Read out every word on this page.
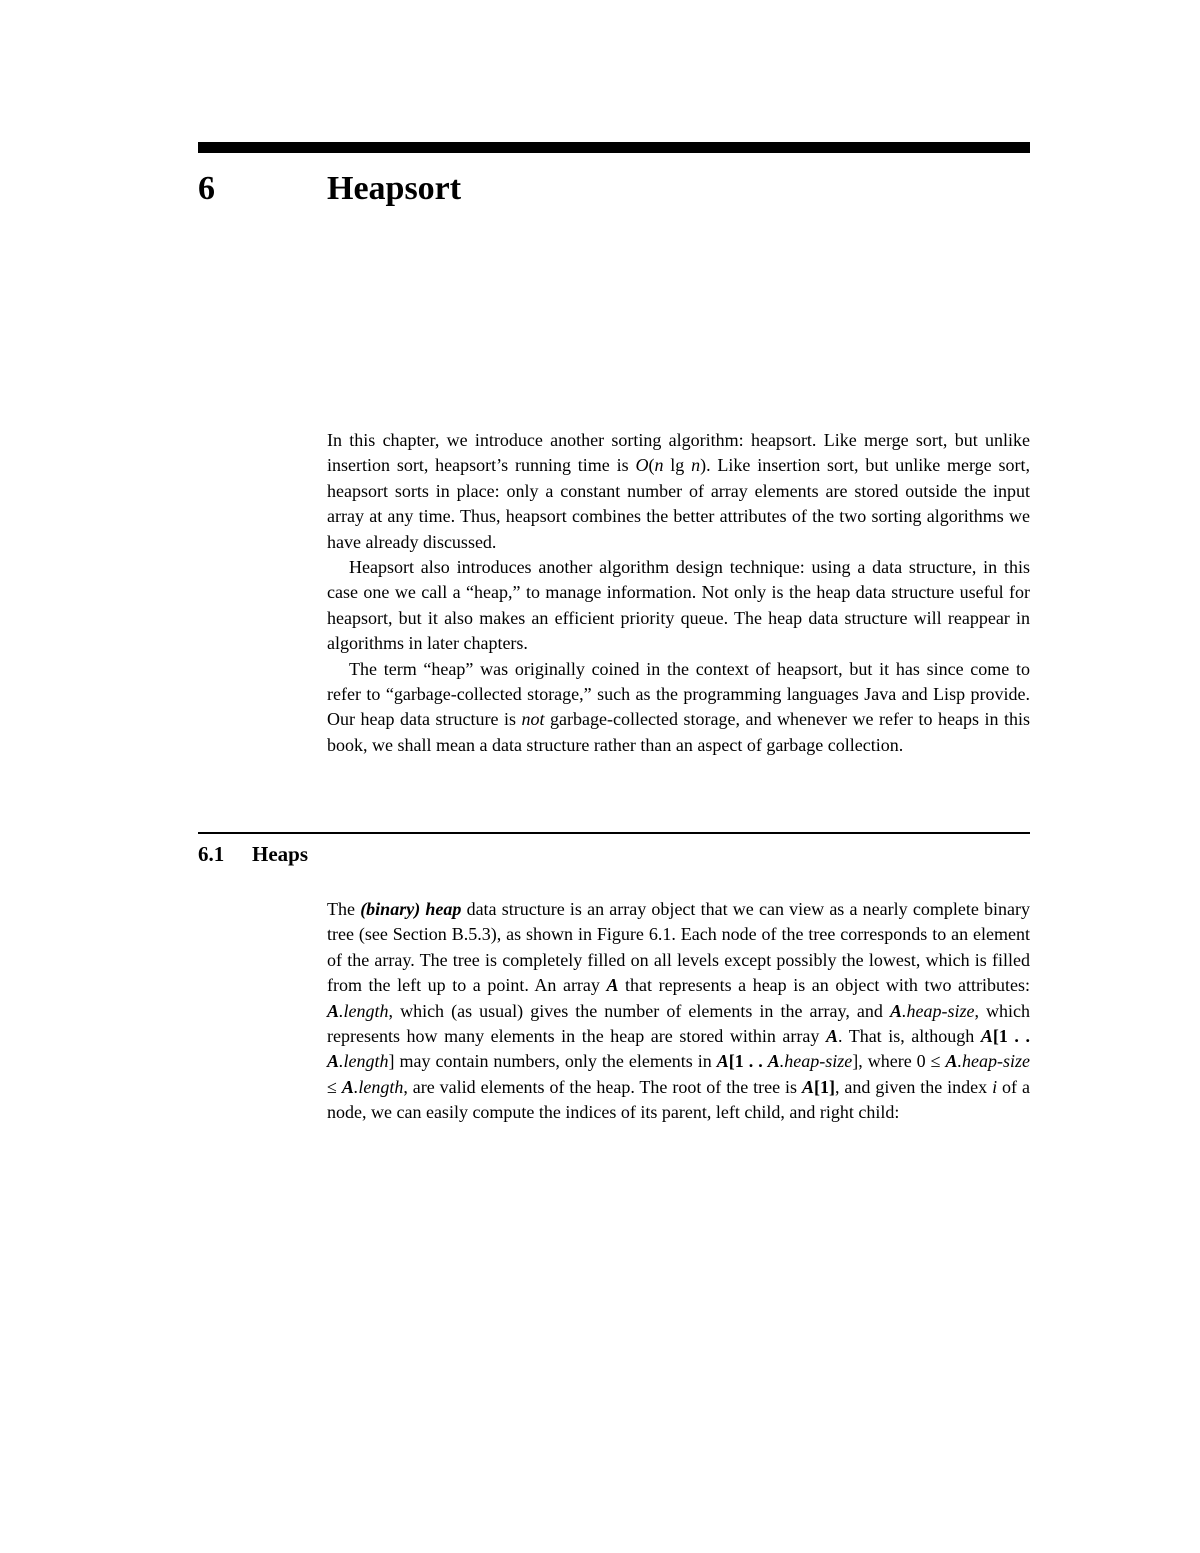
6	Heapsort

In this chapter, we introduce another sorting algorithm: heapsort. Like merge sort, but unlike insertion sort, heapsort’s running time is O(n lg n). Like insertion sort, but unlike merge sort, heapsort sorts in place: only a constant number of array elements are stored outside the input array at any time. Thus, heapsort combines the better attributes of the two sorting algorithms we have already discussed.

Heapsort also introduces another algorithm design technique: using a data structure, in this case one we call a “heap,” to manage information. Not only is the heap data structure useful for heapsort, but it also makes an efficient priority queue. The heap data structure will reappear in algorithms in later chapters.

The term “heap” was originally coined in the context of heapsort, but it has since come to refer to “garbage-collected storage,” such as the programming languages Java and Lisp provide. Our heap data structure is not garbage-collected storage, and whenever we refer to heaps in this book, we shall mean a data structure rather than an aspect of garbage collection.

6.1 Heaps

The (binary) heap data structure is an array object that we can view as a nearly complete binary tree (see Section B.5.3), as shown in Figure 6.1. Each node of the tree corresponds to an element of the array. The tree is completely filled on all levels except possibly the lowest, which is filled from the left up to a point. An array A that represents a heap is an object with two attributes: A.length, which (as usual) gives the number of elements in the array, and A.heap-size, which represents how many elements in the heap are stored within array A. That is, although A[1 . . A.length] may contain numbers, only the elements in A[1 . . A.heap-size], where 0 ≤ A.heap-size ≤ A.length, are valid elements of the heap. The root of the tree is A[1], and given the index i of a node, we can easily compute the indices of its parent, left child, and right child:
